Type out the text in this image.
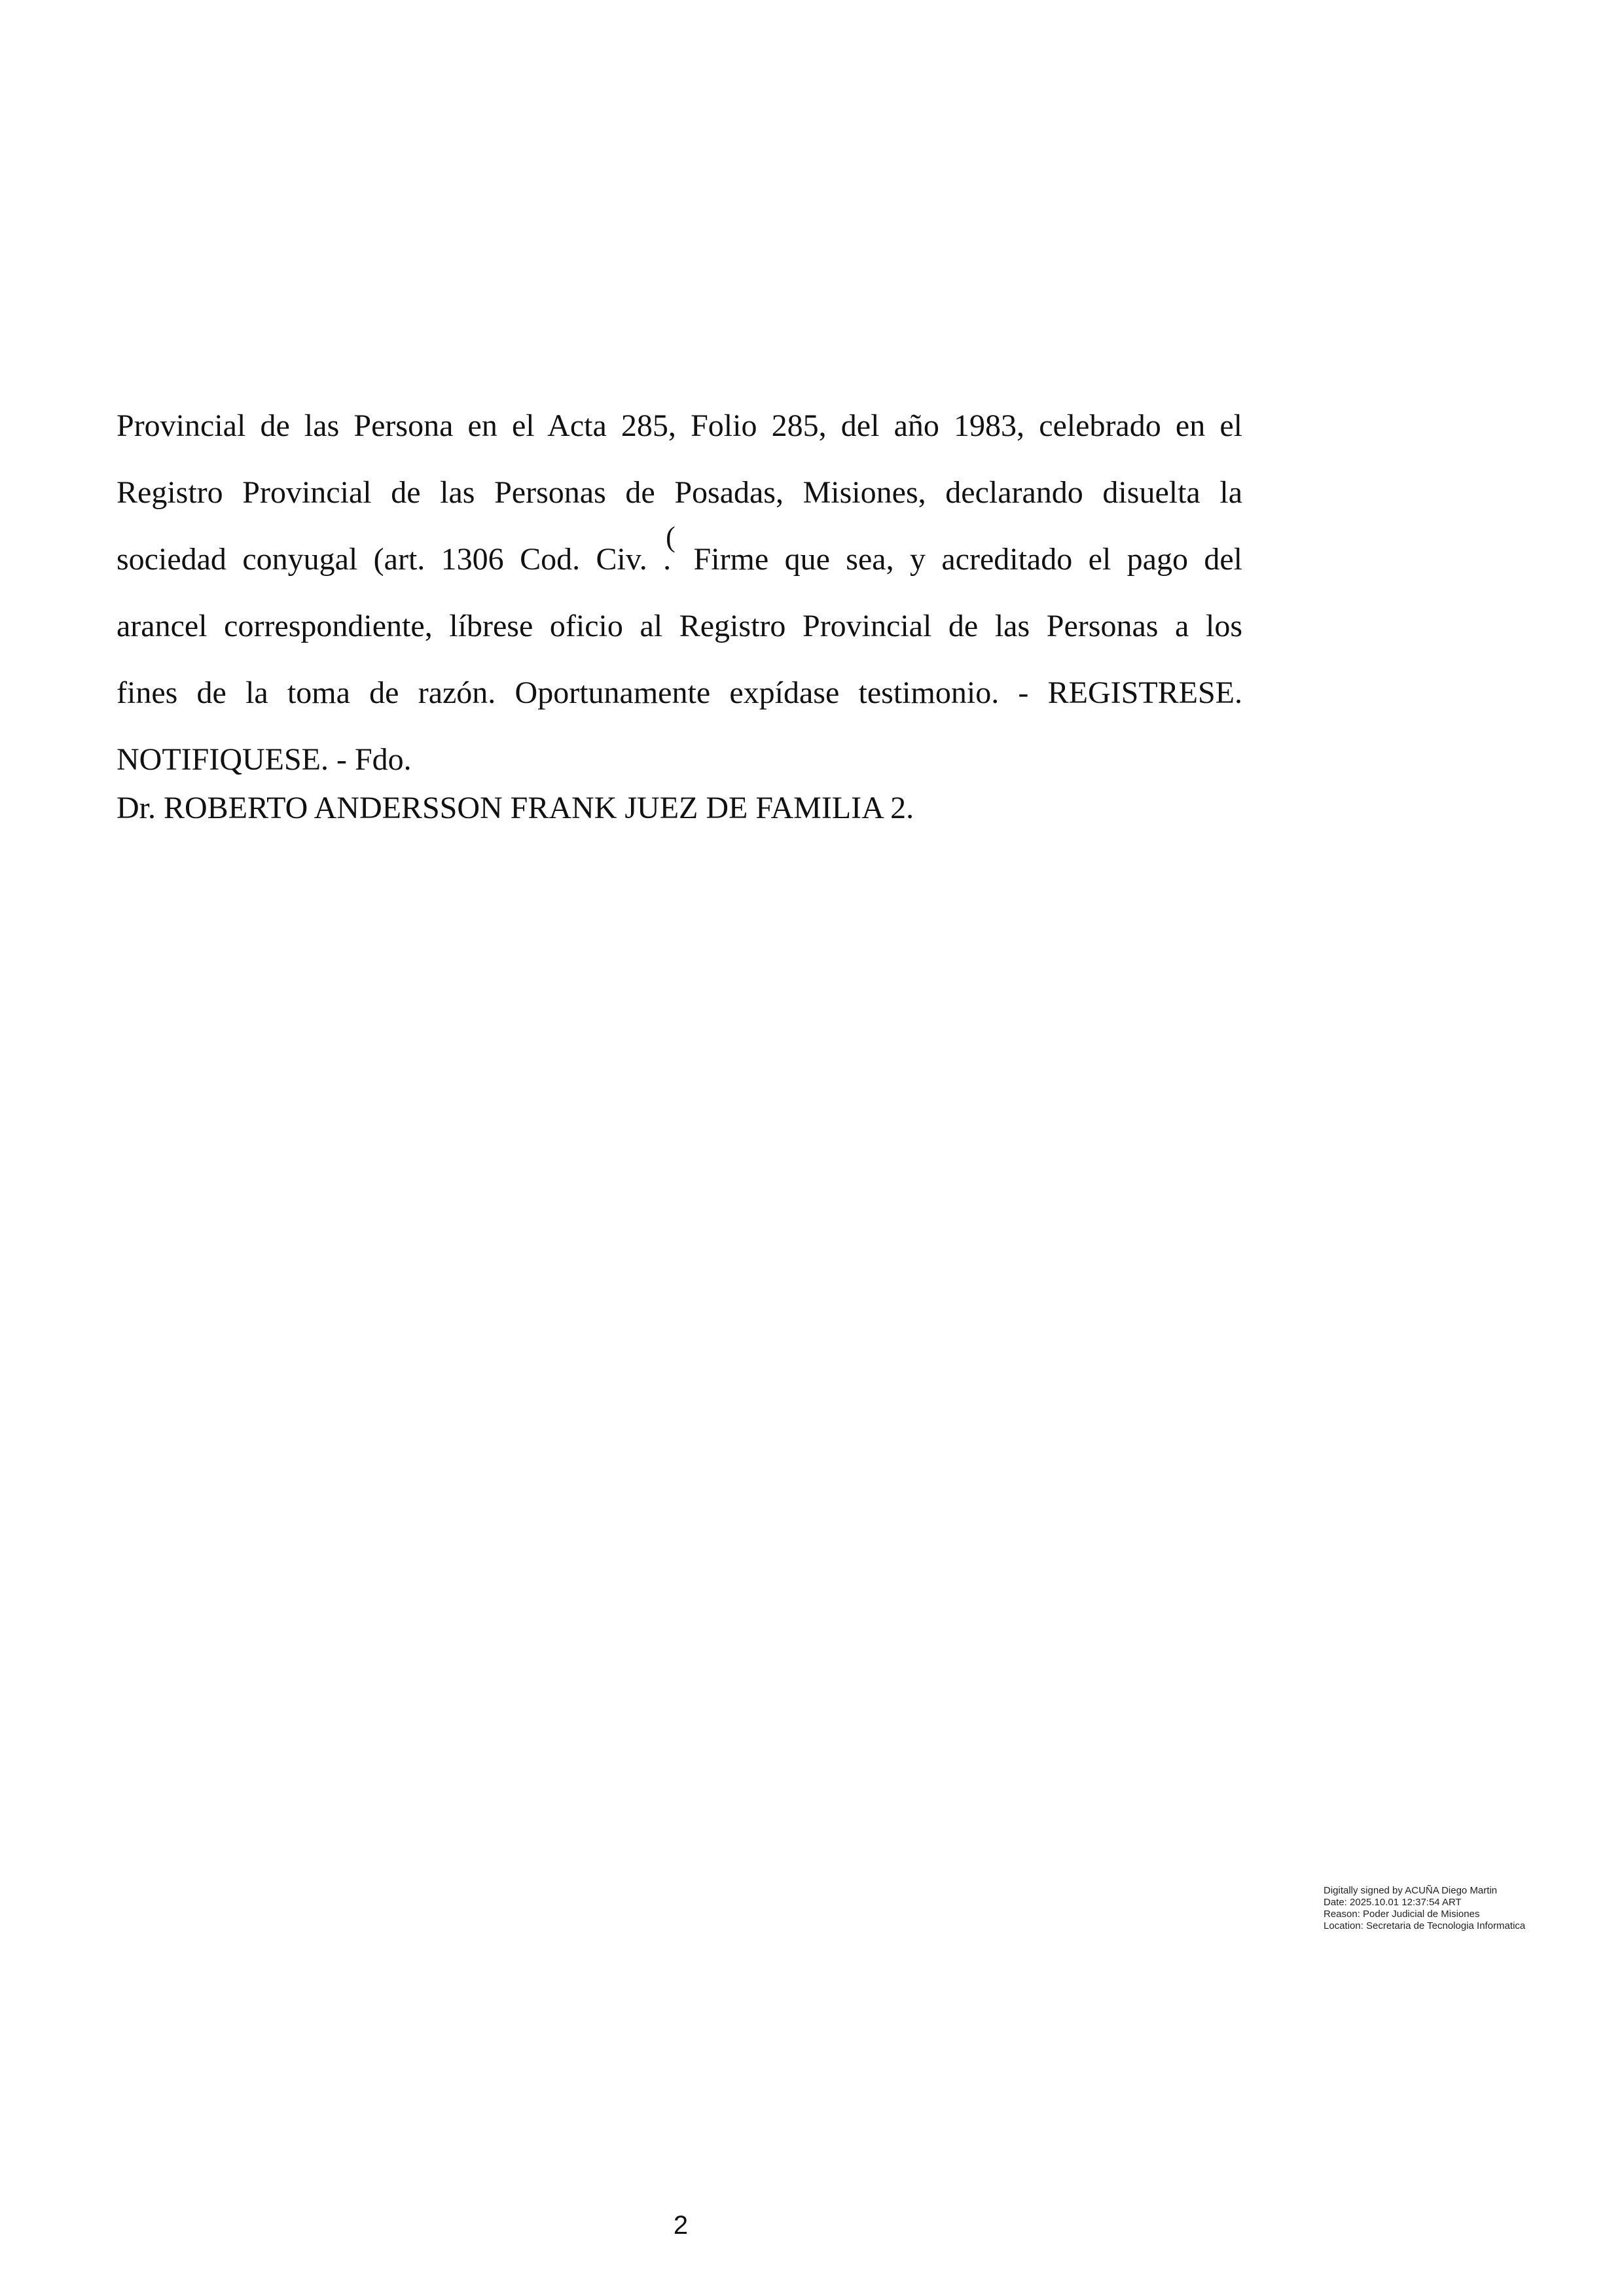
Provincial de las Persona en el Acta 285, Folio 285, del año 1983, celebrado en el
Registro Provincial de las Personas de Posadas, Misiones, declarando disuelta la
sociedad conyugal (art. 1306 Cod. Civ.
(
. Firme que sea, y acreditado el pago del
arancel correspondiente, líbrese oficio al Registro Provincial de las Personas a los
fines de la toma de razón. Oportunamente expídase testimonio. - REGISTRESE.
NOTIFIQUESE. - Fdo.
Dr. ROBERTO ANDERSSON FRANK JUEZ DE FAMILIA 2.
Digitally signed by ACUÑA Diego Martin
Date: 2025.10.01 12:37:54 ART
Reason: Poder Judicial de Misiones
Location: Secretaria de Tecnologia Informatica
2
